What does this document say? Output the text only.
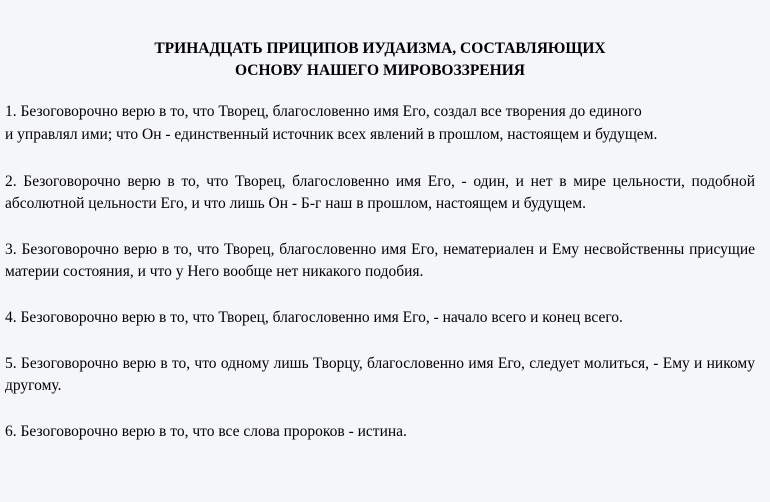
ТРИНАДЦАТЬ ПРИЦИПОВ ИУДАИЗМА, СОСТАВЛЯЮЩИХ
ОСНОВУ НАШЕГО МИРОВОЗЗРЕНИЯ

1. Безоговорочно верю в то, что Творец, благословенно имя Его, создал все творения до единого
и управлял ими; что Он - единственный источник всех явлений в прошлом, настоящем и будущем.

2. Безоговорочно верю в то, что Творец, благословенно имя Его, - один, и нет в мире цельности, подобной абсолютной цельности Его, и что лишь Он - Б-г наш в прошлом, настоящем и будущем.

3. Безоговорочно верю в то, что Творец, благословенно имя Его, нематериален и Ему несвойственны присущие материи состояния, и что у Него вообще нет никакого подобия.

4. Безоговорочно верю в то, что Творец, благословенно имя Его, - начало всего и конец всего.

5. Безоговорочно верю в то, что одному лишь Творцу, благословенно имя Его, следует молиться, - Ему и никому другому.

6. Безоговорочно верю в то, что все слова пророков - истина.
